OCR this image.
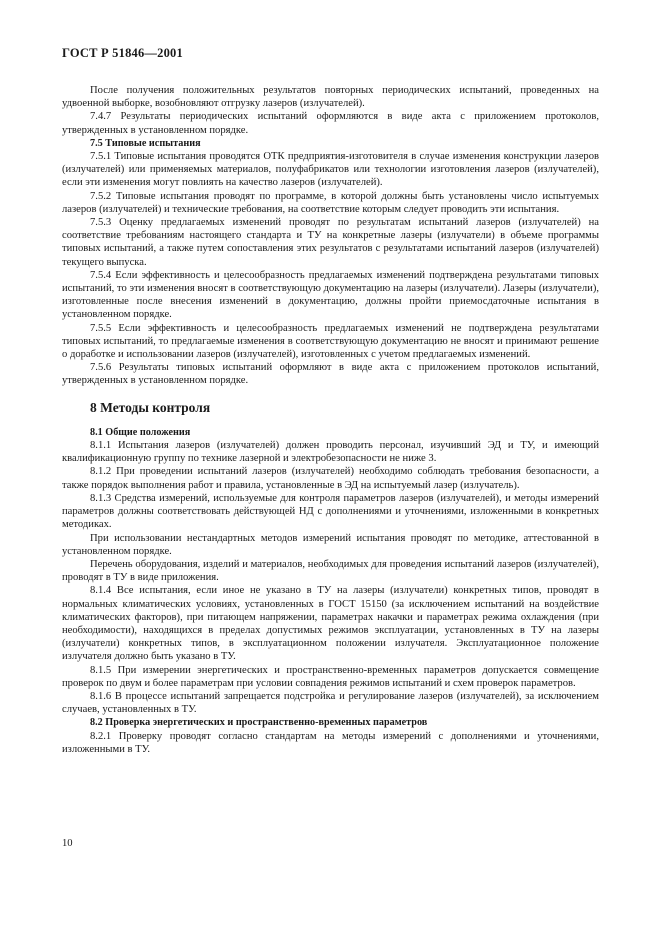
ГОСТ Р 51846—2001

После получения положительных результатов повторных периодических испытаний, проведенных на удвоенной выборке, возобновляют отгрузку лазеров (излучателей).

7.4.7 Результаты периодических испытаний оформляются в виде акта с приложением протоколов, утвержденных в установленном порядке.

7.5 Типовые испытания

7.5.1 Типовые испытания проводятся ОТК предприятия-изготовителя в случае изменения конструкции лазеров (излучателей) или применяемых материалов, полуфабрикатов или технологии изготовления лазеров (излучателей), если эти изменения могут повлиять на качество лазеров (излучателей).

7.5.2 Типовые испытания проводят по программе, в которой должны быть установлены число испытуемых лазеров (излучателей) и технические требования, на соответствие которым следует проводить эти испытания.

7.5.3 Оценку предлагаемых изменений проводят по результатам испытаний лазеров (излучателей) на соответствие требованиям настоящего стандарта и ТУ на конкретные лазеры (излучатели) в объеме программы типовых испытаний, а также путем сопоставления этих результатов с результатами испытаний лазеров (излучателей) текущего выпуска.

7.5.4 Если эффективность и целесообразность предлагаемых изменений подтверждена результатами типовых испытаний, то эти изменения вносят в соответствующую документацию на лазеры (излучатели). Лазеры (излучатели), изготовленные после внесения изменений в документацию, должны пройти приемосдаточные испытания в установленном порядке.

7.5.5 Если эффективность и целесообразность предлагаемых изменений не подтверждена результатами типовых испытаний, то предлагаемые изменения в соответствующую документацию не вносят и принимают решение о доработке и использовании лазеров (излучателей), изготовленных с учетом предлагаемых изменений.

7.5.6 Результаты типовых испытаний оформляют в виде акта с приложением протоколов испытаний, утвержденных в установленном порядке.

8 Методы контроля
8.1 Общие положения

8.1.1 Испытания лазеров (излучателей) должен проводить персонал, изучивший ЭД и ТУ, и имеющий квалификационную группу по технике лазерной и электробезопасности не ниже 3.

8.1.2 При проведении испытаний лазеров (излучателей) необходимо соблюдать требования безопасности, а также порядок выполнения работ и правила, установленные в ЭД на испытуемый лазер (излучатель).

8.1.3 Средства измерений, используемые для контроля параметров лазеров (излучателей), и методы измерений параметров должны соответствовать действующей НД с дополнениями и уточнениями, изложенными в конкретных методиках.

При использовании нестандартных методов измерений испытания проводят по методике, аттестованной в установленном порядке.

Перечень оборудования, изделий и материалов, необходимых для проведения испытаний лазеров (излучателей), проводят в ТУ в виде приложения.

8.1.4 Все испытания, если иное не указано в ТУ на лазеры (излучатели) конкретных типов, проводят в нормальных климатических условиях, установленных в ГОСТ 15150 (за исключением испытаний на воздействие климатических факторов), при питающем напряжении, параметрах накачки и параметрах режима охлаждения (при необходимости), находящихся в пределах допустимых режимов эксплуатации, установленных в ТУ на лазеры (излучатели) конкретных типов, в эксплуатационном положении излучателя. Эксплуатационное положение излучателя должно быть указано в ТУ.

8.1.5 При измерении энергетических и пространственно-временных параметров допускается совмещение проверок по двум и более параметрам при условии совпадения режимов испытаний и схем проверок параметров.

8.1.6 В процессе испытаний запрещается подстройка и регулирование лазеров (излучателей), за исключением случаев, установленных в ТУ.

8.2 Проверка энергетических и пространственно-временных параметров

8.2.1 Проверку проводят согласно стандартам на методы измерений с дополнениями и уточнениями, изложенными в ТУ.

10
